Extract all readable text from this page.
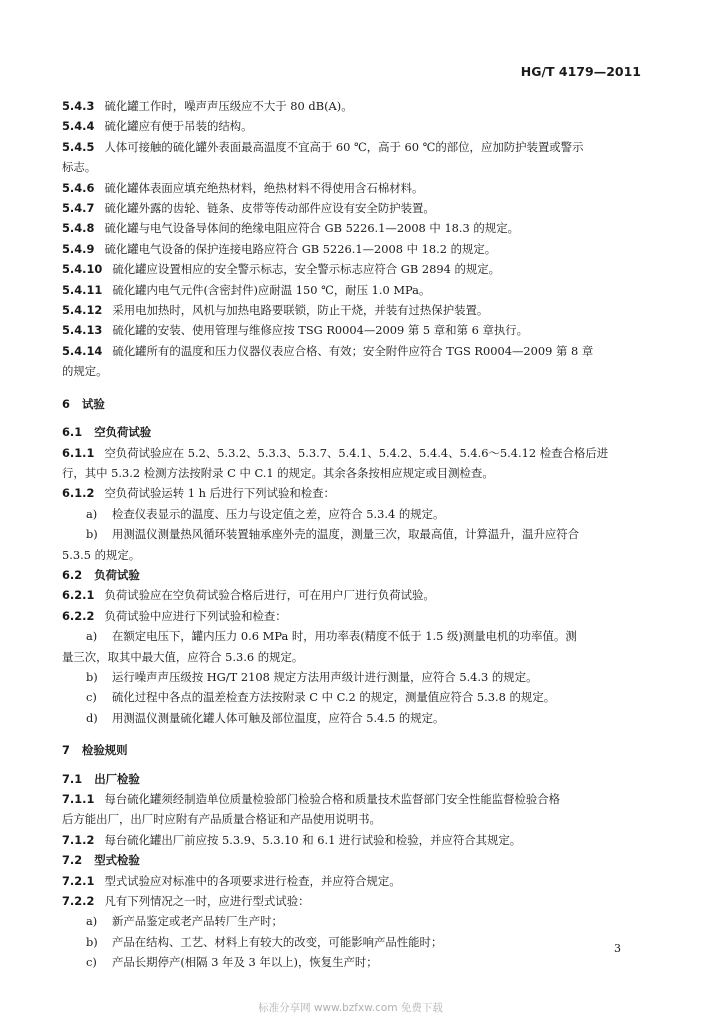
HG/T 4179—2011

5.4.3 硫化罐工作时，噪声声压级应不大于 80 dB(A)。

5.4.4 硫化罐应有便于吊装的结构。

5.4.5 人体可接触的硫化罐外表面最高温度不宜高于 60 ℃，高于 60 ℃的部位，应加防护装置或警示

标志。

5.4.6 硫化罐体表面应填充绝热材料，绝热材料不得使用含石棉材料。

5.4.7 硫化罐外露的齿轮、链条、皮带等传动部件应设有安全防护装置。

5.4.8 硫化罐与电气设备导体间的绝缘电阻应符合 GB 5226.1—2008 中 18.3 的规定。

5.4.9 硫化罐电气设备的保护连接电路应符合 GB 5226.1—2008 中 18.2 的规定。

5.4.10 硫化罐应设置相应的安全警示标志，安全警示标志应符合 GB 2894 的规定。

5.4.11 硫化罐内电气元件(含密封件)应耐温 150 ℃，耐压 1.0 MPa。

5.4.12 采用电加热时，风机与加热电路要联锁，防止干烧，并装有过热保护装置。

5.4.13 硫化罐的安装、使用管理与维修应按 TSG R0004—2009 第 5 章和第 6 章执行。

5.4.14 硫化罐所有的温度和压力仪器仪表应合格、有效；安全附件应符合 TGS R0004—2009 第 8 章

的规定。

6 试验

6.1 空负荷试验

6.1.1 空负荷试验应在 5.2、5.3.2、5.3.3、5.3.7、5.4.1、5.4.2、5.4.4、5.4.6～5.4.12 检查合格后进

行，其中 5.3.2 检测方法按附录 C 中 C.1 的规定。其余各条按相应规定或目测检查。

6.1.2 空负荷试验运转 1 h 后进行下列试验和检查：

a) 检查仪表显示的温度、压力与设定值之差，应符合 5.3.4 的规定。

b) 用测温仪测量热风循环装置轴承座外壳的温度，测量三次，取最高值，计算温升，温升应符合

5.3.5 的规定。

6.2 负荷试验

6.2.1 负荷试验应在空负荷试验合格后进行，可在用户厂进行负荷试验。

6.2.2 负荷试验中应进行下列试验和检查：

a) 在额定电压下，罐内压力 0.6 MPa 时，用功率表(精度不低于 1.5 级)测量电机的功率值。测

量三次，取其中最大值，应符合 5.3.6 的规定。

b) 运行噪声声压级按 HG/T 2108 规定方法用声级计进行测量，应符合 5.4.3 的规定。

c) 硫化过程中各点的温差检查方法按附录 C 中 C.2 的规定，测量值应符合 5.3.8 的规定。

d) 用测温仪测量硫化罐人体可触及部位温度，应符合 5.4.5 的规定。

7 检验规则

7.1 出厂检验

7.1.1 每台硫化罐须经制造单位质量检验部门检验合格和质量技术监督部门安全性能监督检验合格

后方能出厂，出厂时应附有产品质量合格证和产品使用说明书。

7.1.2 每台硫化罐出厂前应按 5.3.9、5.3.10 和 6.1 进行试验和检验，并应符合其规定。

7.2 型式检验

7.2.1 型式试验应对标准中的各项要求进行检查，并应符合规定。

7.2.2 凡有下列情况之一时，应进行型式试验：

a) 新产品鉴定或老产品转厂生产时；

b) 产品在结构、工艺、材料上有较大的改变，可能影响产品性能时；

c) 产品长期停产(相隔 3 年及 3 年以上)，恢复生产时；

3
标准分享网 www.bzfxw.com 免费下载
